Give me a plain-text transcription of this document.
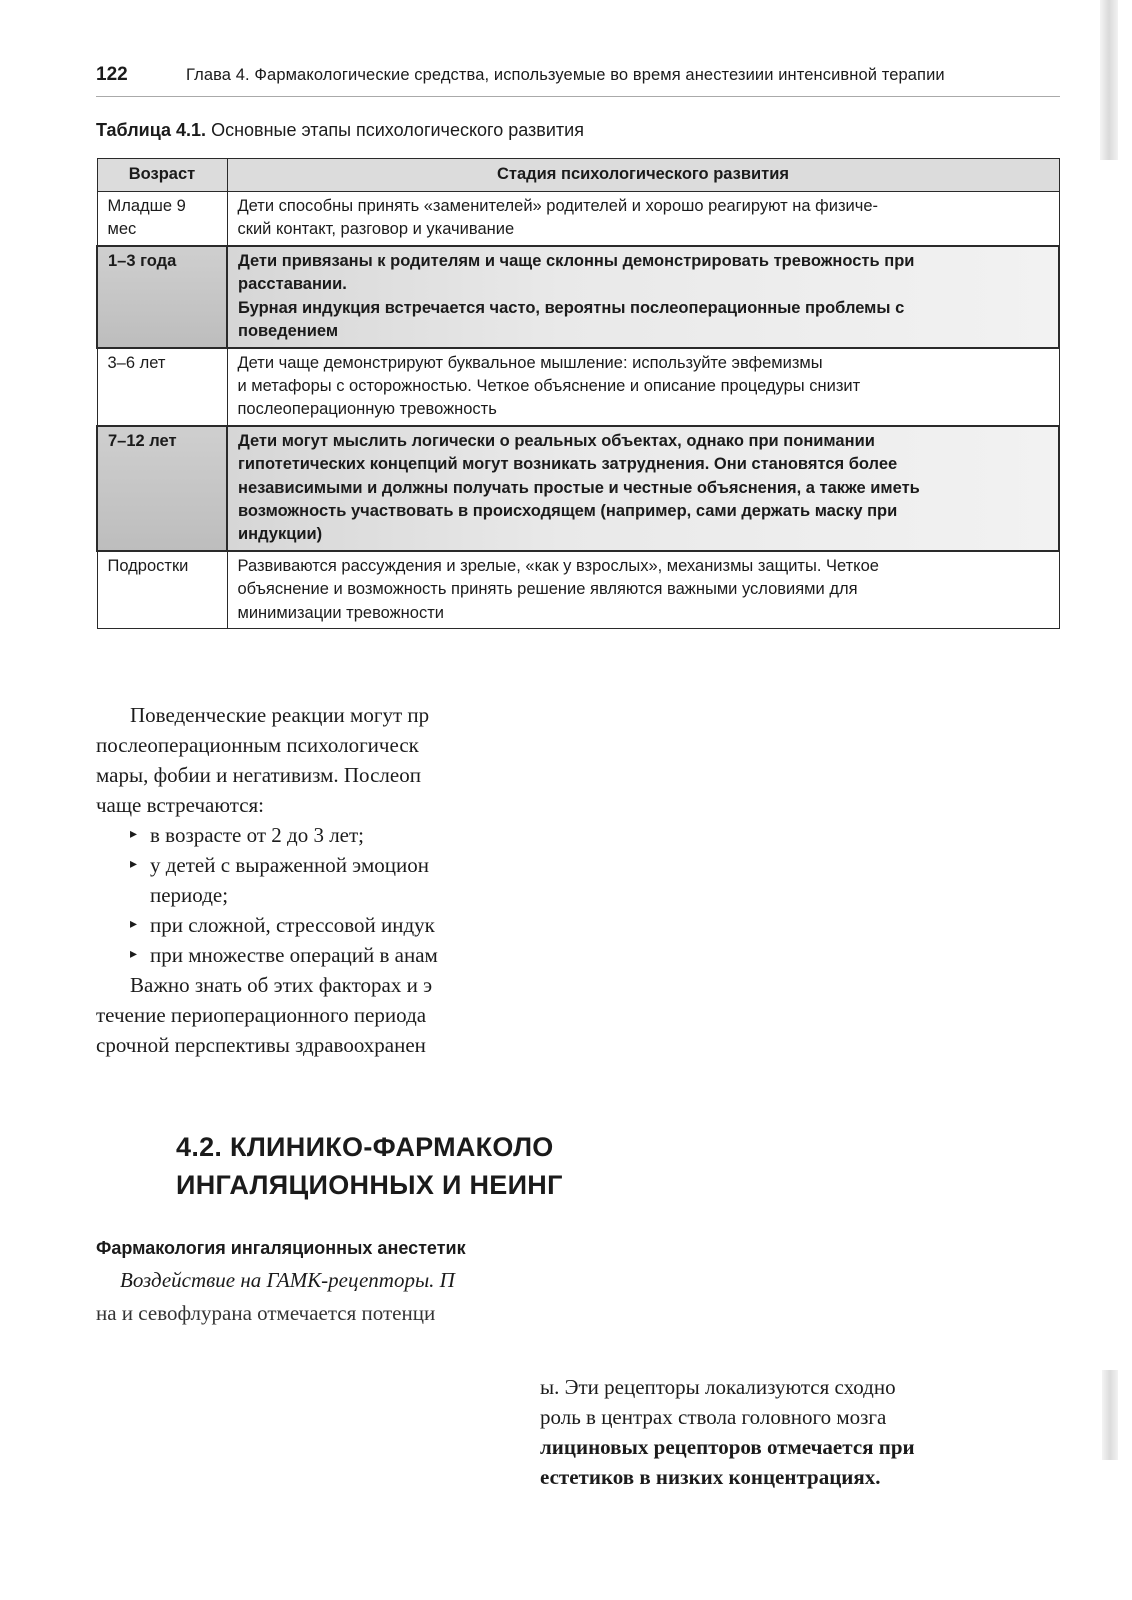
122	Глава 4. Фармакологические средства, используемые во время анестезиии интенсивной терапии
Таблица 4.1. Основные этапы психологического развития
Возраст	Стадия психологического развития
Младше 9 мес	Дети способны принять «заменителей» родителей и хорошо реагируют на физиче-
ский контакт, разговор и укачивание

1–3 года	Дети привязаны к родителям и чаще склонны демонстрировать тревожность при
расставании.
Бурная индукция встречается часто, вероятны послеоперационные проблемы с
поведением

3–6 лет	Дети чаще демонстрируют буквальное мышление: используйте эвфемизмы
и метафоры с осторожностью. Четкое объяснение и описание процедуры снизит
послеоперационную тревожность

7–12 лет	Дети могут мыслить логически о реальных объектах, однако при понимании
гипотетических концепций могут возникать затруднения. Они становятся более
независимыми и должны получать простые и честные объяснения, а также иметь
возможность участвовать в происходящем (например, сами держать маску при
индукции)

Подростки	Развиваются рассуждения и зрелые, «как у взрослых», механизмы защиты. Четкое
объяснение и возможность принять решение являются важными условиями для
минимизации тревожности

Поведенческие реакции могут пр

послеоперационным психологическ

мары, фобии и негативизм. Послеоп

чаще встречаются:

▸ в возрасте от 2 до 3 лет;
▸ у детей с выраженной эмоцион

периоде;

▸ при сложной, стрессовой индук
▸ при множестве операций в анам

Важно знать об этих факторах и э

течение периоперационного периода

срочной перспективы здравоохранен

4.2. КЛИНИКО-ФАРМАКОЛО
ИНГАЛЯЦИОННЫХ И НЕИНГ
Фармакология ингаляционных анестетик
Воздействие на ГАМК-рецепторы. П
на и севофлурана отмечается потенци

ы. Эти рецепторы локализуются сходно

роль в центрах ствола головного мозга

лициновых рецепторов отмечается при

естетиков в низких концентрациях.
